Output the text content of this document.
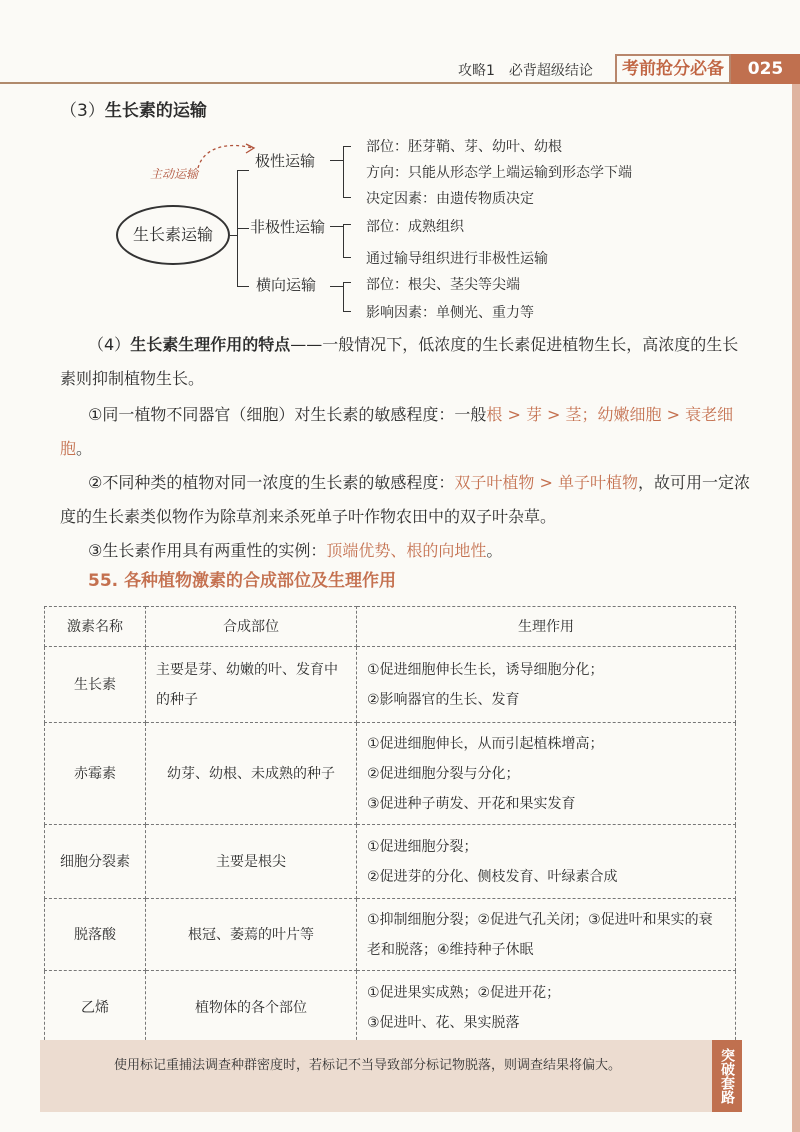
攻略1 必背超级结论	考前抢分必备	025
（3）生长素的运输
主动运输
生长素运输
极性运输
非极性运输
横向运输
部位：胚芽鞘、芽、幼叶、幼根
方向：只能从形态学上端运输到形态学下端
决定因素：由遗传物质决定
部位：成熟组织
通过输导组织进行非极性运输
部位：根尖、茎尖等尖端
影响因素：单侧光、重力等
（4）生长素生理作用的特点——一般情况下，低浓度的生长素促进植物生长，高浓度的生长素则抑制植物生长。
①同一植物不同器官（细胞）对生长素的敏感程度：一般根 > 芽 > 茎；幼嫩细胞 > 衰老细胞。
②不同种类的植物对同一浓度的生长素的敏感程度：双子叶植物 > 单子叶植物，故可用一定浓度的生长素类似物作为除草剂来杀死单子叶作物农田中的双子叶杂草。
③生长素作用具有两重性的实例：顶端优势、根的向地性。
55. 各种植物激素的合成部位及生理作用
激素名称	合成部位	生理作用
生长素	主要是芽、幼嫩的叶、发育中的种子	①促进细胞伸长生长，诱导细胞分化；
②影响器官的生长、发育

赤霉素	幼芽、幼根、未成熟的种子	①促进细胞伸长，从而引起植株增高；
②促进细胞分裂与分化；
③促进种子萌发、开花和果实发育

细胞分裂素	主要是根尖	①促进细胞分裂；
②促进芽的分化、侧枝发育、叶绿素合成

脱落酸	根冠、萎蔫的叶片等	①抑制细胞分裂；②促进气孔关闭；③促进叶和果实的衰老和脱落；④维持种子休眠

乙烯	植物体的各个部位	①促进果实成熟；②促进开花；
③促进叶、花、果实脱落
使用标记重捕法调查种群密度时，若标记不当导致部分标记物脱落，则调查结果将偏大。	突破套路
